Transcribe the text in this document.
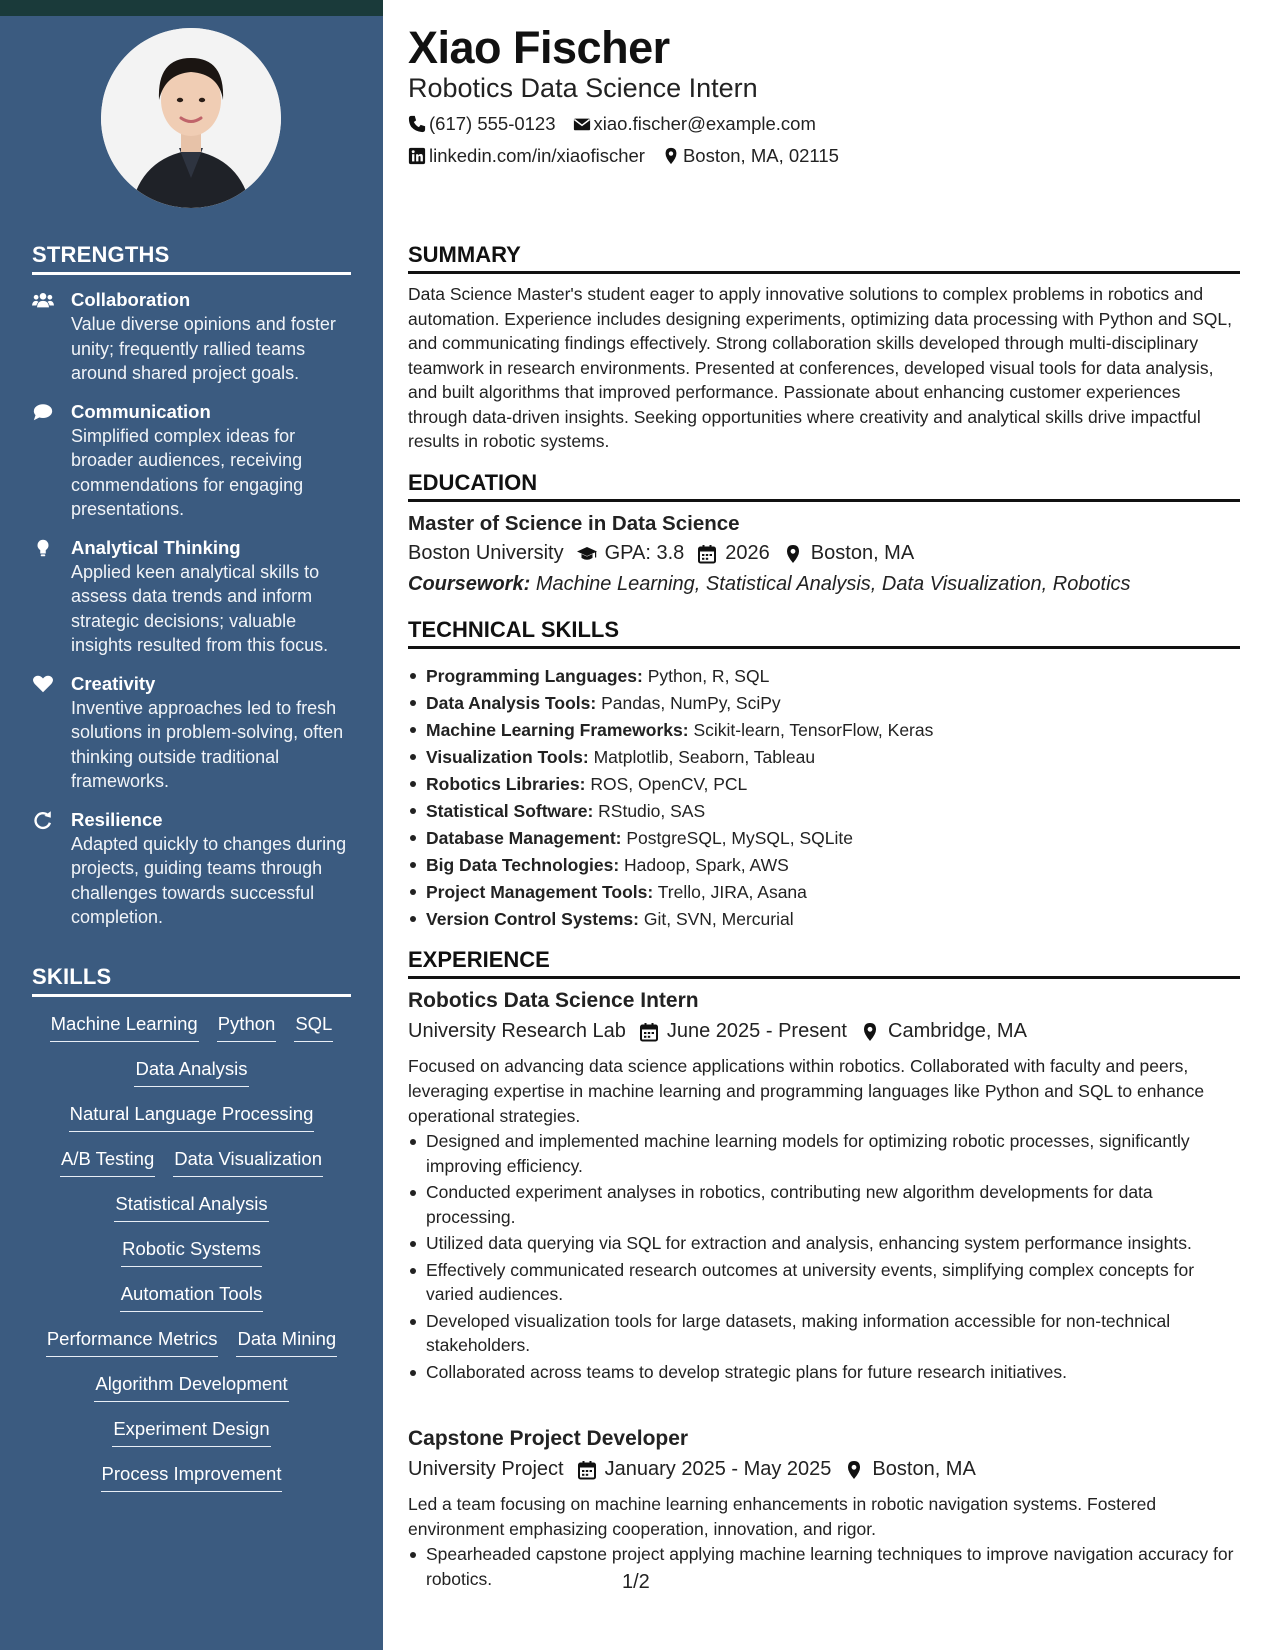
STRENGTHS
Collaboration
Value diverse opinions and foster unity; frequently rallied teams around shared project goals.
Communication
Simplified complex ideas for broader audiences, receiving commendations for engaging presentations.
Analytical Thinking
Applied keen analytical skills to assess data trends and inform strategic decisions; valuable insights resulted from this focus.
Creativity
Inventive approaches led to fresh solutions in problem-solving, often thinking outside traditional frameworks.
Resilience
Adapted quickly to changes during projects, guiding teams through challenges towards successful completion.
SKILLS
Machine Learning Python SQL
Data Analysis
Natural Language Processing
A/B Testing Data Visualization
Statistical Analysis
Robotic Systems
Automation Tools
Performance Metrics Data Mining
Algorithm Development
Experiment Design
Process Improvement
Xiao Fischer
Robotics Data Science Intern
(617) 555-0123 xiao.fischer@example.com
linkedin.com/in/xiaofischer Boston, MA, 02115
SUMMARY
Data Science Master's student eager to apply innovative solutions to complex problems in robotics and automation. Experience includes designing experiments, optimizing data processing with Python and SQL, and communicating findings effectively. Strong collaboration skills developed through multi-disciplinary teamwork in research environments. Presented at conferences, developed visual tools for data analysis, and built algorithms that improved performance. Passionate about enhancing customer experiences through data-driven insights. Seeking opportunities where creativity and analytical skills drive impactful results in robotic systems.
EDUCATION
Master of Science in Data Science
Boston University GPA: 3.8 2026 Boston, MA
Coursework: Machine Learning, Statistical Analysis, Data Visualization, Robotics
TECHNICAL SKILLS
Programming Languages: Python, R, SQL
Data Analysis Tools: Pandas, NumPy, SciPy
Machine Learning Frameworks: Scikit-learn, TensorFlow, Keras
Visualization Tools: Matplotlib, Seaborn, Tableau
Robotics Libraries: ROS, OpenCV, PCL
Statistical Software: RStudio, SAS
Database Management: PostgreSQL, MySQL, SQLite
Big Data Technologies: Hadoop, Spark, AWS
Project Management Tools: Trello, JIRA, Asana
Version Control Systems: Git, SVN, Mercurial
EXPERIENCE
Robotics Data Science Intern
University Research Lab June 2025 - Present Cambridge, MA
Focused on advancing data science applications within robotics. Collaborated with faculty and peers, leveraging expertise in machine learning and programming languages like Python and SQL to enhance operational strategies.
Designed and implemented machine learning models for optimizing robotic processes, significantly improving efficiency.
Conducted experiment analyses in robotics, contributing new algorithm developments for data processing.
Utilized data querying via SQL for extraction and analysis, enhancing system performance insights.
Effectively communicated research outcomes at university events, simplifying complex concepts for varied audiences.
Developed visualization tools for large datasets, making information accessible for non-technical stakeholders.
Collaborated across teams to develop strategic plans for future research initiatives.
Capstone Project Developer
University Project January 2025 - May 2025 Boston, MA
Led a team focusing on machine learning enhancements in robotic navigation systems. Fostered environment emphasizing cooperation, innovation, and rigor.
Spearheaded capstone project applying machine learning techniques to improve navigation accuracy for robotics.	1/2
